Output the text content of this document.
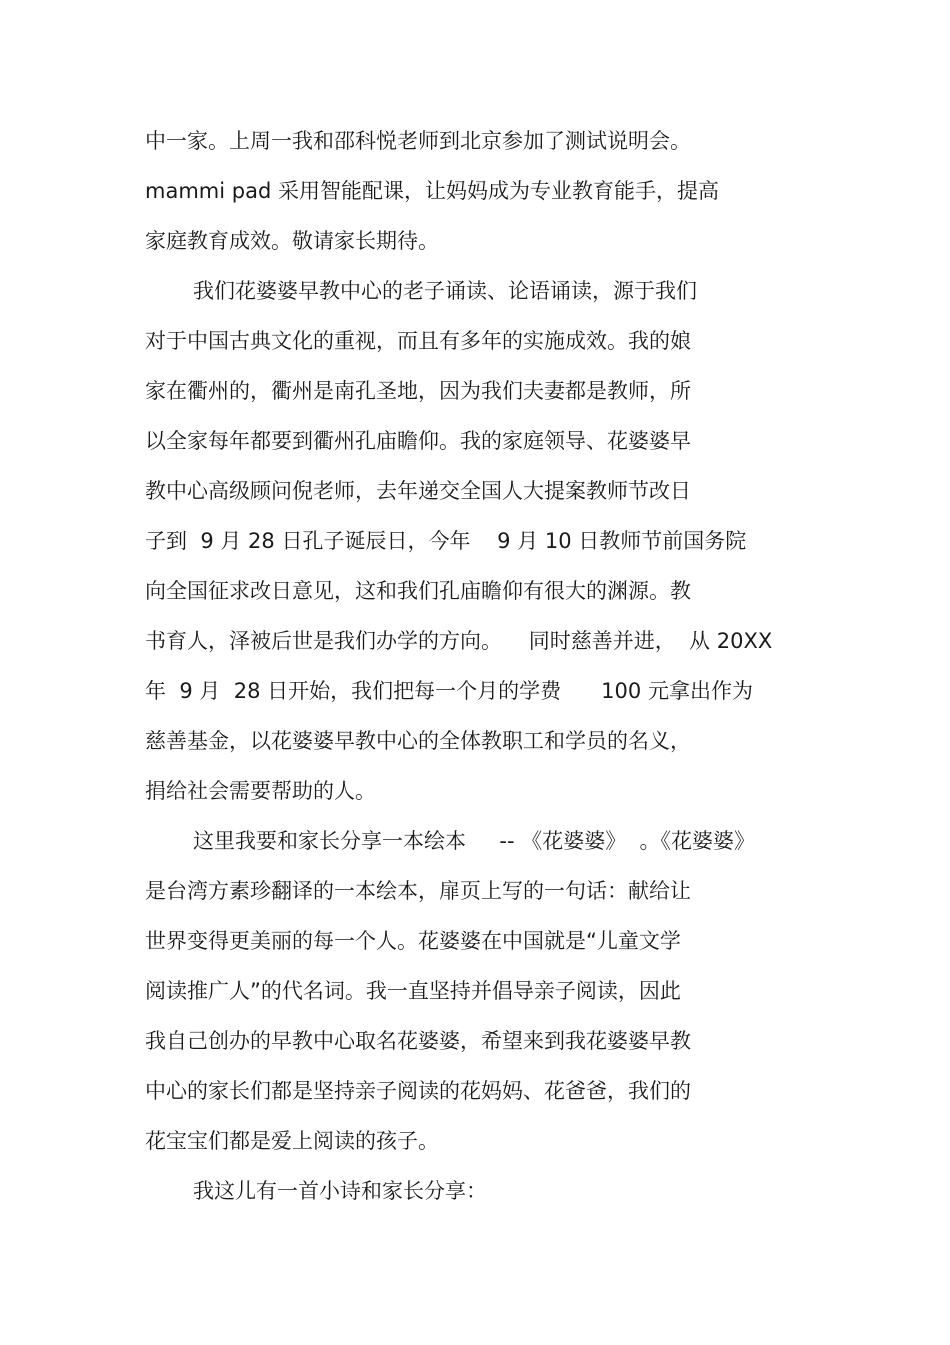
中一家。上周一我和邵科悦老师到北京参加了测试说明会。
mammi pad 采用智能配课，让妈妈成为专业教育能手，提高
家庭教育成效。敬请家长期待。
我们花婆婆早教中心的老子诵读、论语诵读，源于我们
对于中国古典文化的重视，而且有多年的实施成效。我的娘
家在衢州的，衢州是南孔圣地，因为我们夫妻都是教师，所
以全家每年都要到衢州孔庙瞻仰。我的家庭领导、花婆婆早
教中心高级顾问倪老师，去年递交全国人大提案教师节改日
子到  9 月 28 日孔子诞辰日，今年    9 月 10 日教师节前国务院
向全国征求改日意见，这和我们孔庙瞻仰有很大的渊源。教
书育人，泽被后世是我们办学的方向。    同时慈善并进，  从 20XX
年  9 月  28 日开始，我们把每一个月的学费      100 元拿出作为
慈善基金，以花婆婆早教中心的全体教职工和学员的名义，
捐给社会需要帮助的人。
这里我要和家长分享一本绘本     -- 《花婆婆》  。《花婆婆》
是台湾方素珍翻译的一本绘本，扉页上写的一句话：献给让
世界变得更美丽的每一个人。花婆婆在中国就是“儿童文学
阅读推广人”的代名词。我一直坚持并倡导亲子阅读，因此
我自己创办的早教中心取名花婆婆，希望来到我花婆婆早教
中心的家长们都是坚持亲子阅读的花妈妈、花爸爸，我们的
花宝宝们都是爱上阅读的孩子。
我这儿有一首小诗和家长分享：
